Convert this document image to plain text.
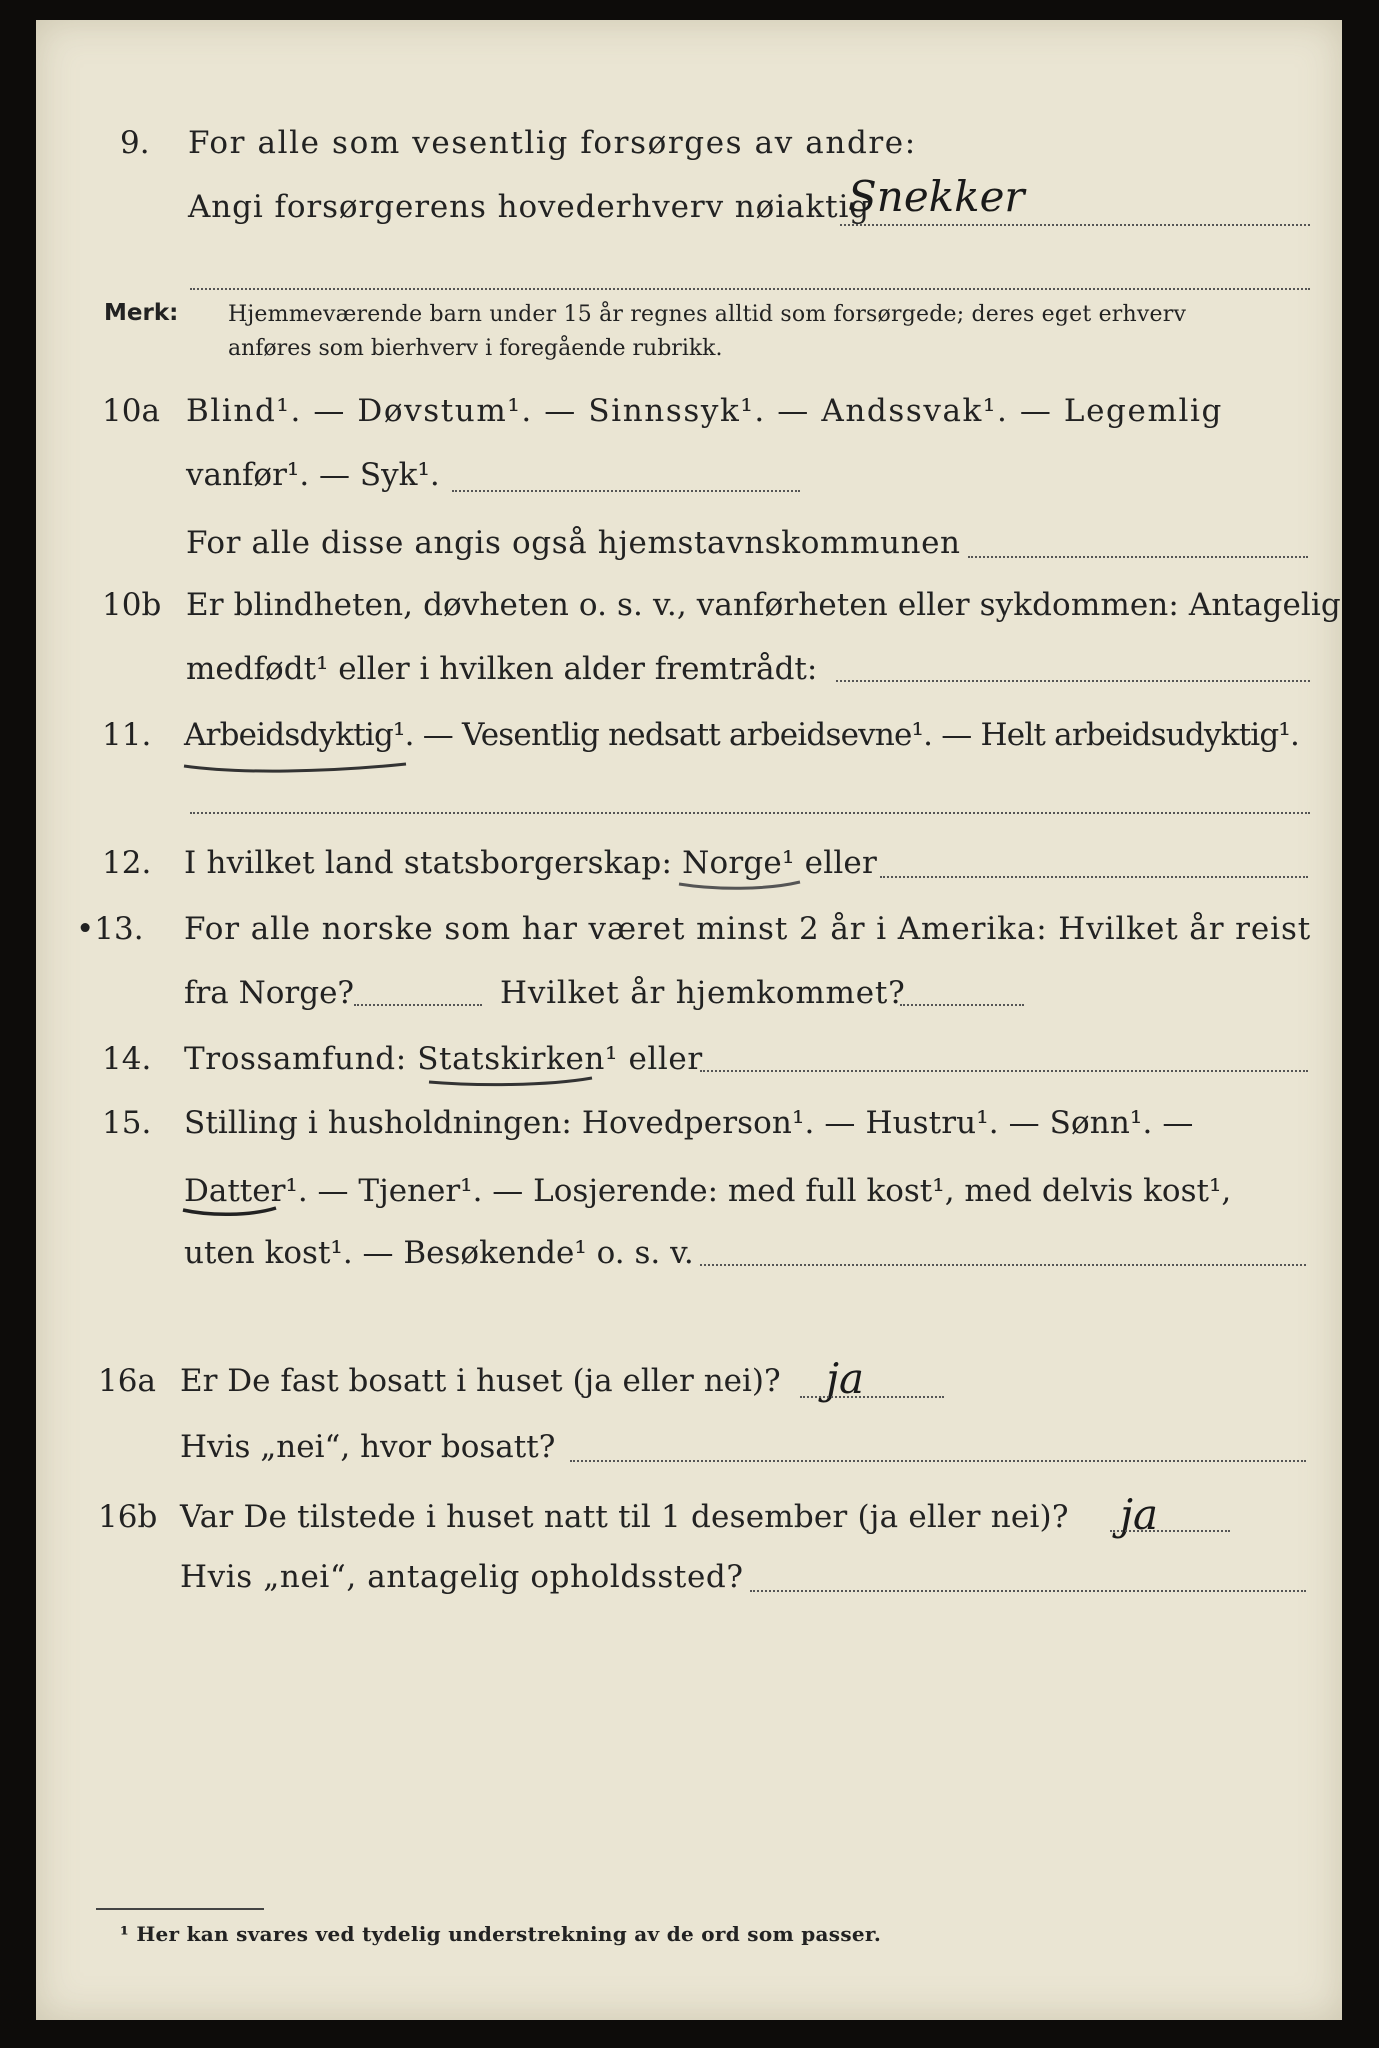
9. For alle som vesentlig forsørges av andre:
Angi forsørgerens hovederhverv nøiaktig
Snekker
Merk: Hjemmeværende barn under 15 år regnes alltid som forsørgede; deres eget erhverv
anføres som bierhverv i foregående rubrikk.
10a Blind¹. — Døvstum¹. — Sinnssyk¹. — Andssvak¹. — Legemlig
vanfør¹. — Syk¹.
For alle disse angis også hjemstavnskommunen
10b Er blindheten, døvheten o. s. v., vanførheten eller sykdommen: Antagelig
medfødt¹ eller i hvilken alder fremtrådt:
11. Arbeidsdyktig¹. — Vesentlig nedsatt arbeidsevne¹. — Helt arbeidsudyktig¹.
12. I hvilket land statsborgerskap: Norge¹ eller
•13. For alle norske som har været minst 2 år i Amerika: Hvilket år reist
fra Norge?	Hvilket år hjemkommet?
14. Trossamfund: Statskirken¹ eller
15. Stilling i husholdningen: Hovedperson¹. — Hustru¹. — Sønn¹. —
Datter¹. — Tjener¹. — Losjerende: med full kost¹, med delvis kost¹,
uten kost¹. — Besøkende¹ o. s. v.
16a Er De fast bosatt i huset (ja eller nei)? ja
Hvis „nei“, hvor bosatt?
16b Var De tilstede i huset natt til 1 desember (ja eller nei)? ja
Hvis „nei“, antagelig opholdssted?
¹ Her kan svares ved tydelig understrekning av de ord som passer.
